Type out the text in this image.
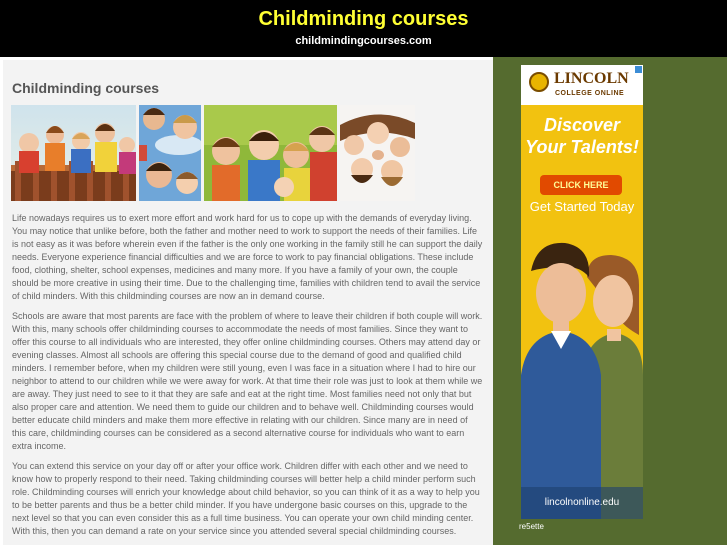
Childminding courses
childmindingcourses.com
Childminding courses

Life nowadays requires us to exert more effort and work hard for us to cope up with the demands of everyday living. You may notice that unlike before, both the father and mother need to work to support the needs of their families. Life is not easy as it was before wherein even if the father is the only one working in the family still he can support the daily needs. Everyone experience financial difficulties and we are force to work to pay financial obligations. These include food, clothing, shelter, school expenses, medicines and many more. If you have a family of your own, the couple should be more creative in using their time. Due to the challenging time, families with children tend to avail the service of child minders. With this childminding courses are now an in demand course.

Schools are aware that most parents are face with the problem of where to leave their children if both couple will work. With this, many schools offer childminding courses to accommodate the needs of most families. Since they want to offer this course to all individuals who are interested, they offer online childminding courses. Others may attend day or evening classes. Almost all schools are offering this special course due to the demand of good and qualified child minders. I remember before, when my children were still young, even I was face in a situation where I had to hire our neighbor to attend to our children while we were away for work. At that time their role was just to look at them while we are away. They just need to see to it that they are safe and eat at the right time. Most families need not only that but also proper care and attention. We need them to guide our children and to behave well. Childminding courses would better educate child minders and make them more effective in relating with our children. Since many are in need of this care, childminding courses can be considered as a second alternative course for individuals who want to earn extra income.

You can extend this service on your day off or after your office work. Children differ with each other and we need to know how to properly respond to their need. Taking childminding courses will better help a child minder perform such role. Childminding courses will enrich your knowledge about child behavior, so you can think of it as a way to help you to be better parents and thus be a better child minder. If you have undergone basic courses on this, upgrade to the next level so that you can even consider this as a full time business. You can operate your own child minding center. With this, then you can demand a rate on your service since you attended several special childminding courses.

LINCOLN
COLLEGE ONLINE
Discover
Your Talents!
CLICK HERE
Get Started Today
lincolnonline.edu
re5ette
